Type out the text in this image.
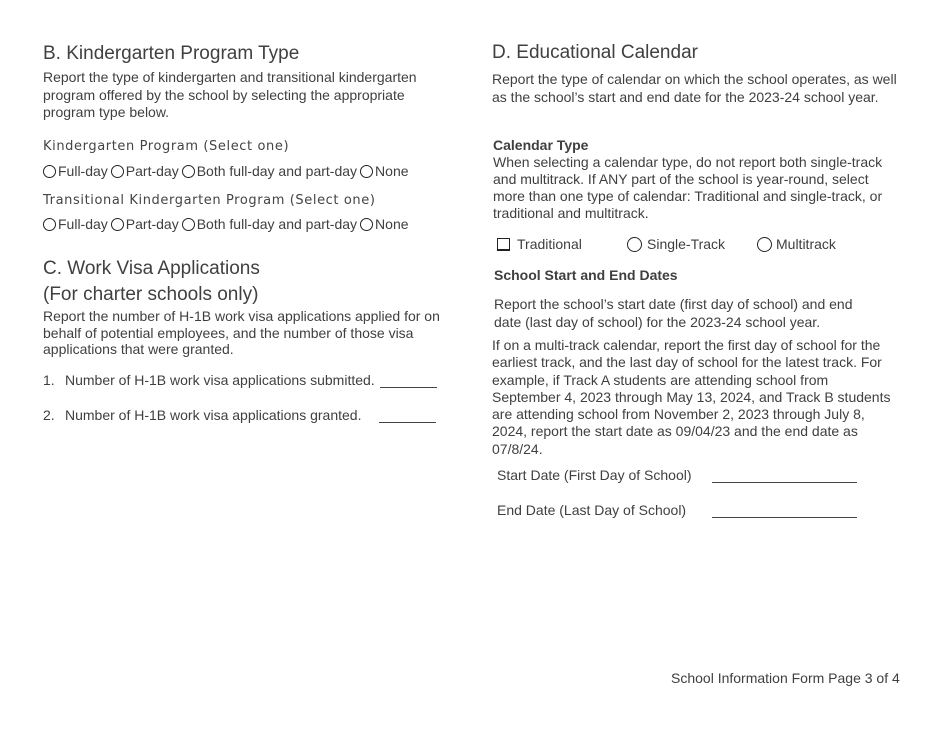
B. Kindergarten Program Type
Report the type of kindergarten and transitional kindergarten program offered by the school by selecting the appropriate program type below.
Kindergarten Program (Select one)
Full-day Part-day Both full-day and part-day None
Transitional Kindergarten Program (Select one)
Full-day Part-day Both full-day and part-day None
C. Work Visa Applications
(For charter schools only)
Report the number of H-1B work visa applications applied for on behalf of potential employees, and the number of those visa applications that were granted.
1. Number of H-1B work visa applications submitted.
2. Number of H-1B work visa applications granted.
D. Educational Calendar
Report the type of calendar on which the school operates, as well as the school’s start and end date for the 2023-24 school year.
Calendar Type
When selecting a calendar type, do not report both single-track and multitrack. If ANY part of the school is year-round, select more than one type of calendar: Traditional and single-track, or traditional and multitrack.
Traditional	Single-Track	Multitrack
School Start and End Dates
Report the school’s start date (first day of school) and end date (last day of school) for the 2023-24 school year.
If on a multi-track calendar, report the first day of school for the earliest track, and the last day of school for the latest track. For example, if Track A students are attending school from September 4, 2023 through May 13, 2024, and Track B students are attending school from November 2, 2023 through July 8, 2024, report the start date as 09/04/23 and the end date as 07/8/24.
Start Date (First Day of School)
End Date (Last Day of School)
School Information Form Page 3 of 4
